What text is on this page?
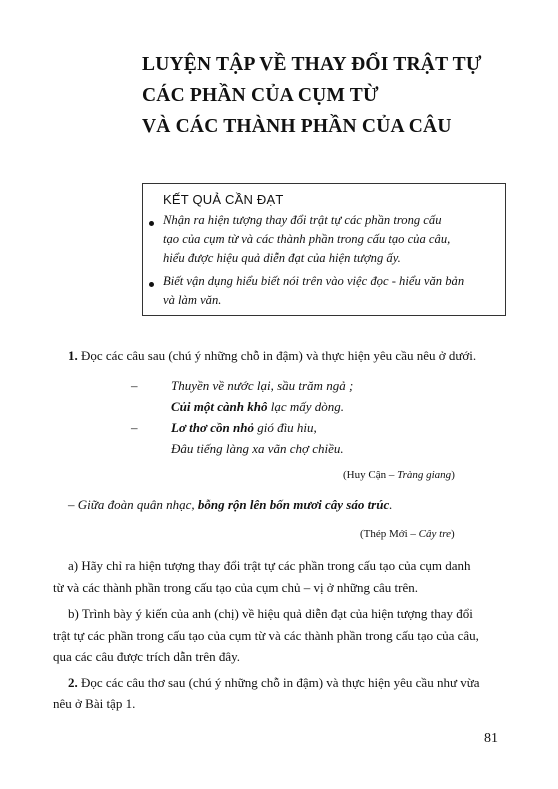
LUYỆN TẬP VỀ THAY ĐỔI TRẬT TỰ
CÁC PHẦN CỦA CỤM TỪ
VÀ CÁC THÀNH PHẦN CỦA CÂU
KẾT QUẢ CẦN ĐẠT
Nhận ra hiện tượng thay đổi trật tự các phần trong cấu
tạo của cụm từ và các thành phần trong cấu tạo của câu,
hiểu được hiệu quả diễn đạt của hiện tượng ấy.
Biết vận dụng hiểu biết nói trên vào việc đọc - hiểu văn bản
và làm văn.
1. Đọc các câu sau (chú ý những chỗ in đậm) và thực hiện yêu cầu nêu ở dưới.
–	Thuyền về nước lại, sầu trăm ngả ;
Củi một cành khô lạc mấy dòng.
–	Lơ thơ cồn nhỏ gió đìu hiu,
Đâu tiếng làng xa vãn chợ chiều.
(Huy Cận – Tràng giang)
– Giữa đoàn quân nhạc, bỗng rộn lên bốn mươi cây sáo trúc.
(Thép Mới – Cây tre)
a) Hãy chỉ ra hiện tượng thay đổi trật tự các phần trong cấu tạo của cụm danh
từ và các thành phần trong cấu tạo của cụm chủ – vị ở những câu trên.
b) Trình bày ý kiến của anh (chị) về hiệu quả diễn đạt của hiện tượng thay đổi
trật tự các phần trong cấu tạo của cụm từ và các thành phần trong cấu tạo của câu,
qua các câu được trích dẫn trên đây.
2. Đọc các câu thơ sau (chú ý những chỗ in đậm) và thực hiện yêu cầu như vừa
nêu ở Bài tập 1.
81
